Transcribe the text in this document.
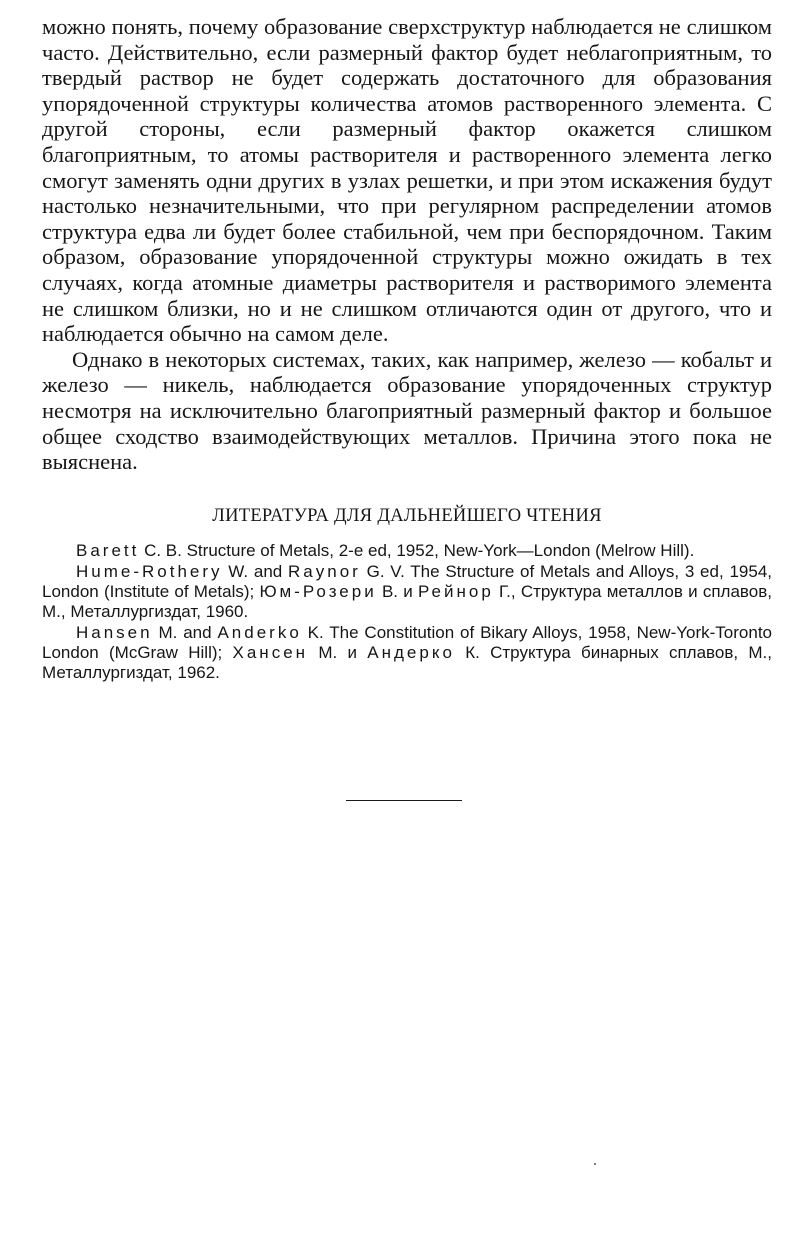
можно понять, почему образование сверхструктур наблюдается не слишком часто. Действительно, если размерный фактор будет неблагоприятным, то твердый раствор не будет содержать достаточного для образования упорядоченной структуры количества атомов растворенного элемента. С другой стороны, если размерный фактор окажется слишком благоприятным, то атомы растворителя и растворенного элемента легко смогут заменять одни других в узлах решетки, и при этом искажения будут настолько незначительными, что при регулярном распределении атомов структура едва ли будет более стабильной, чем при беспорядочном. Таким образом, образование упорядоченной структуры можно ожидать в тех случаях, когда атомные диаметры растворителя и растворимого элемента не слишком близки, но и не слишком отличаются один от другого, что и наблюдается обычно на самом деле.

Однако в некоторых системах, таких, как например, железо — кобальт и железо — никель, наблюдается образование упорядоченных структур несмотря на исключительно благоприятный размерный фактор и большое общее сходство взаимодействующих металлов. Причина этого пока не выяснена.

ЛИТЕРАТУРА ДЛЯ ДАЛЬНЕЙШЕГО ЧТЕНИЯ

Barett C. B. Structure of Metals, 2-e ed, 1952, New-York—London (Melrow Hill).

Hume-Rothery W. and Raynor G. V. The Structure of Metals and Alloys, 3 ed, 1954, London (Institute of Metals); Юм-Розери В. и Рейнор Г., Структура металлов и сплавов, М., Металлургиздат, 1960.

Hansen M. and Anderko K. The Constitution of Bikary Alloys, 1958, New-York-Toronto London (McGraw Hill); Хансен М. и Андерко К. Структура бинарных сплавов, М., Металлургиздат, 1962.
